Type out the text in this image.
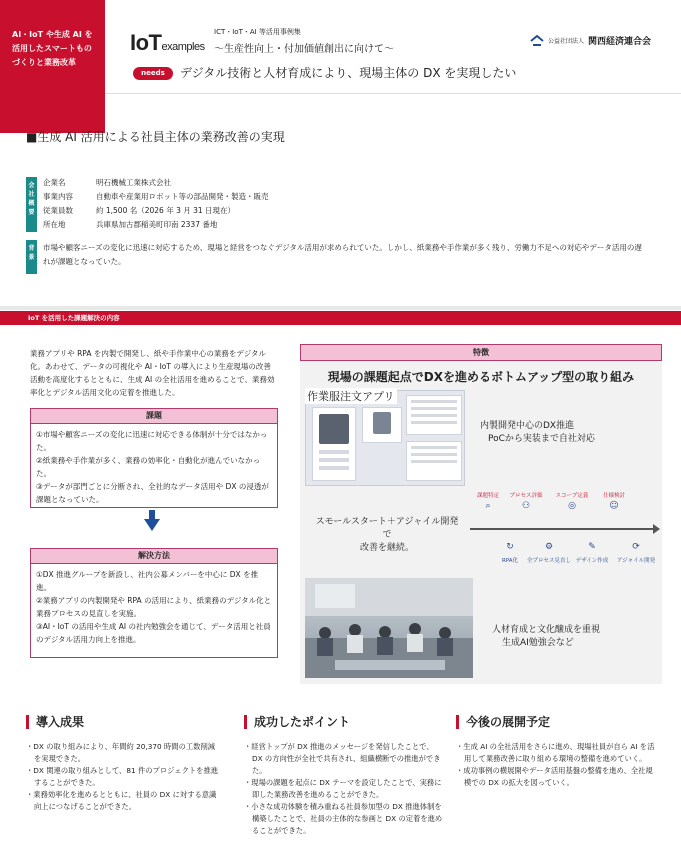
AI・IoT や生成 AI を活用したスマートものづくりと業務改革
IoTexamples
ICT・IoT・AI 等活用事例集
〜生産性向上・付加価値創出に向けて〜
公益社団法人 関西経済連合会
needs	デジタル技術と人材育成により、現場主体の DX を実現したい
■生成 AI 活用による社員主体の業務改善の実現
会社概要
企業名	明石機械工業株式会社
事業内容	自動車や産業用ロボット等の部品開発・製造・販売
従業員数	約 1,500 名（2026 年 3 月 31 日現在）
所在地	兵庫県加古郡稲美町印南 2337 番地
背景
市場や顧客ニーズの変化に迅速に対応するため、現場と経営をつなぐデジタル活用が求められていた。しかし、紙業務や手作業が多く残り、労働力不足への対応やデータ活用の遅れが課題となっていた。
IoT を活用した課題解決の内容
業務アプリや RPA を内製で開発し、紙や手作業中心の業務をデジタル化。あわせて、データの可視化や AI・IoT の導入により生産現場の改善活動を高度化するとともに、生成 AI の全社活用を進めることで、業務効率化とデジタル活用文化の定着を推進した。
課題
①市場や顧客ニーズの変化に迅速に対応できる体制が十分ではなかった。
②紙業務や手作業が多く、業務の効率化・自動化が進んでいなかった。
③データが部門ごとに分断され、全社的なデータ活用や DX の浸透が課題となっていた。
解決方法
①DX 推進グループを新設し、社内公募メンバーを中心に DX を推進。
②業務アプリの内製開発や RPA の活用により、紙業務のデジタル化と業務プロセスの見直しを実施。
③AI・IoT の活用や生成 AI の社内勉強会を通じて、データ活用と社員のデジタル活用力向上を推進。
特徴
現場の課題起点でDXを進めるボトムアップ型の取り組み
作業服注文アプリ
内製開発中心のDX推進
PoCから実装まで自社対応
スモールスタート＋アジャイル開発で
改善を継続。
課題特定
⌕
プロセス評価
⚇
スコープ定義
◎
仕様検討
☺
↻
RPA化
⚙
全プロセス見直し
✎
デザイン作成
⟳
アジャイル開発
人材育成と文化醸成を重視
生成AI勉強会など
導入成果
・DX の取り組みにより、年間約 20,370 時間の工数削減を実現できた。
・DX 関連の取り組みとして、81 件のプロジェクトを推進することができた。
・業務効率化を進めるとともに、社員の DX に対する意識向上につなげることができた。
成功したポイント
・経営トップが DX 推進のメッセージを発信したことで、DX の方向性が全社で共有され、組織横断での推進ができた。
・現場の課題を起点に DX テーマを設定したことで、実務に即した業務改善を進めることができた。
・小さな成功体験を積み重ねる社員参加型の DX 推進体制を構築したことで、社員の主体的な参画と DX の定着を進めることができた。
今後の展開予定
・生成 AI の全社活用をさらに進め、現場社員が自ら AI を活用して業務改善に取り組める環境の整備を進めていく。
・成功事例の横展開やデータ活用基盤の整備を進め、全社規模での DX の拡大を図っていく。
